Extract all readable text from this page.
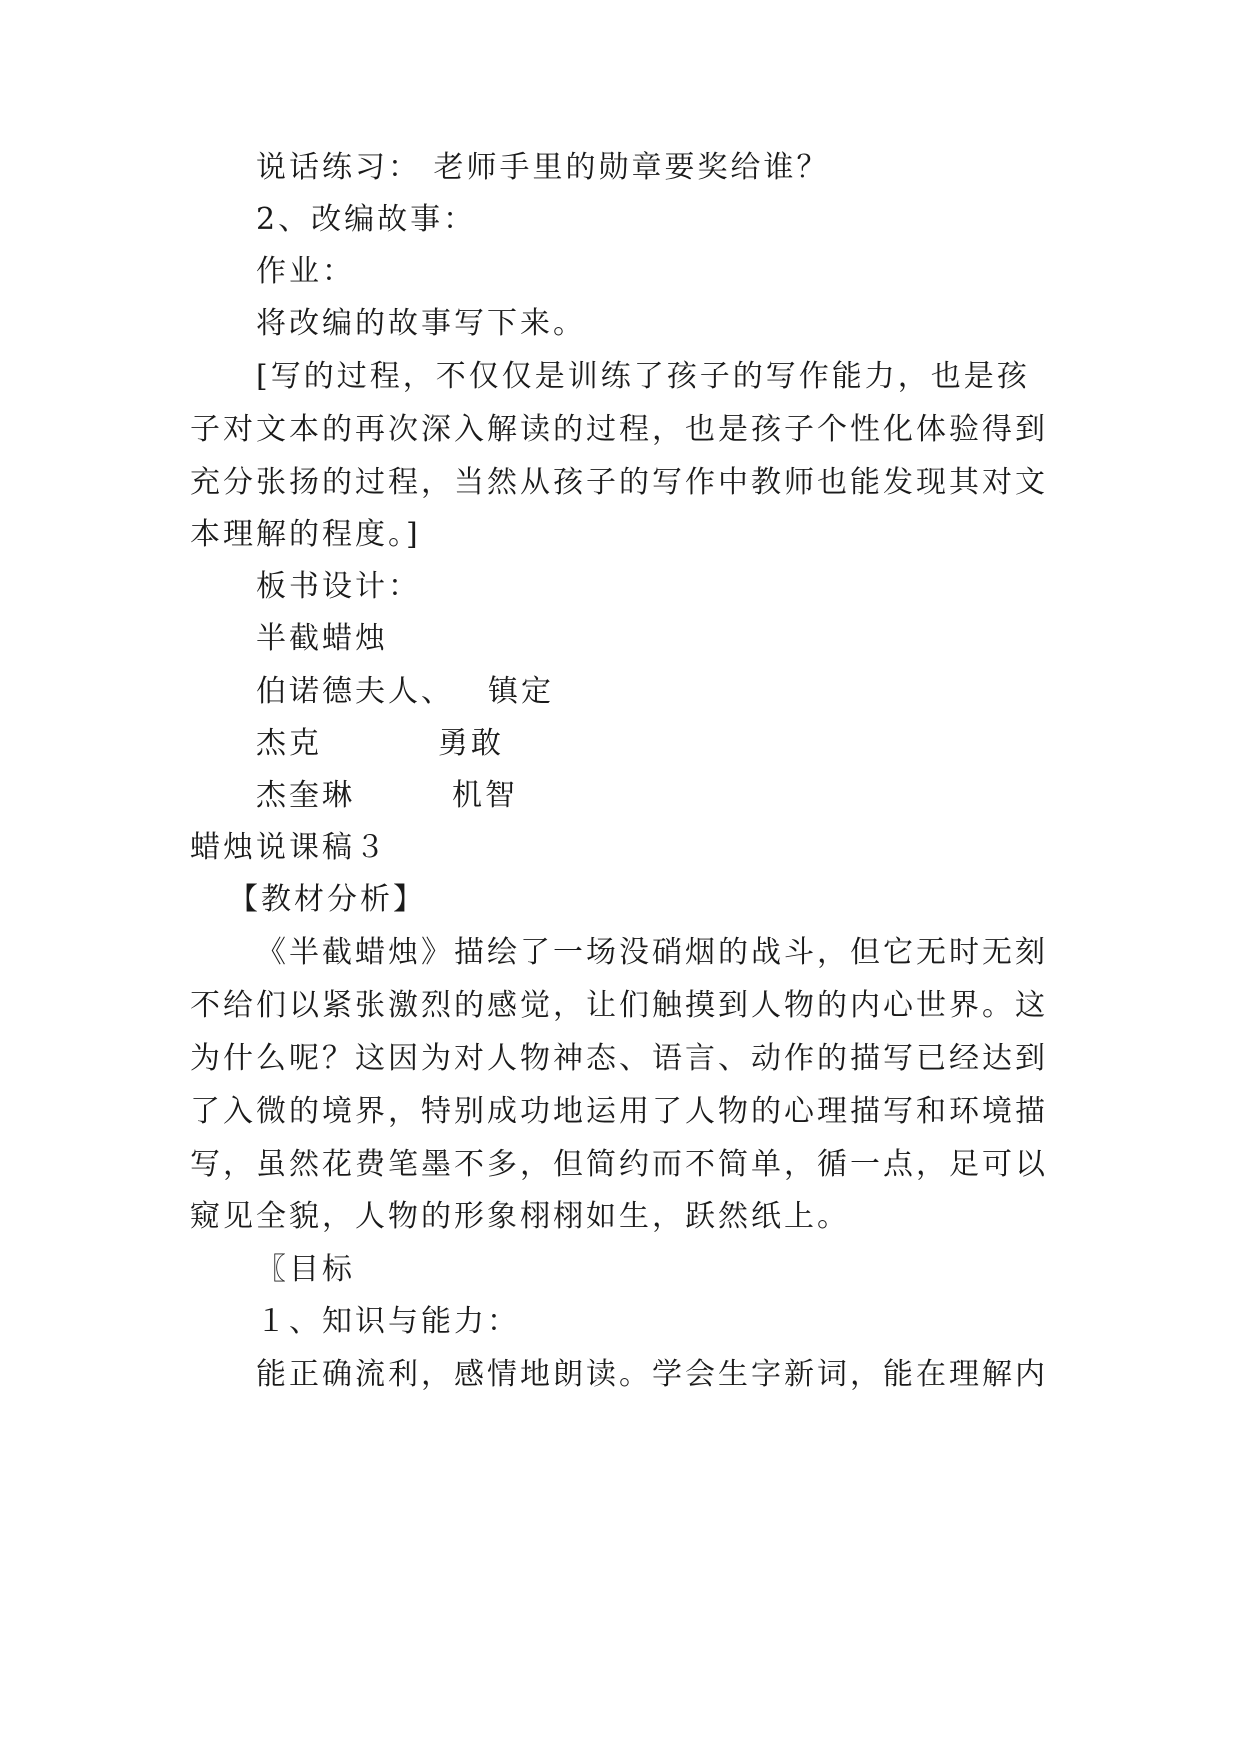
说话练习： 老师手里的勋章要奖给谁？
2、改编故事：
作业：
将改编的故事写下来。
[写的过程，不仅仅是训练了孩子的写作能力，也是孩
子对文本的再次深入解读的过程，也是孩子个性化体验得到
充分张扬的过程，当然从孩子的写作中教师也能发现其对文
本理解的程度。]
板书设计：
半截蜡烛
伯诺德夫人、 镇定
杰克	勇敢
杰奎琳	机智
蜡烛说课稿３
【教材分析】
《半截蜡烛》描绘了一场没硝烟的战斗，但它无时无刻
不给们以紧张激烈的感觉，让们触摸到人物的内心世界。这
为什么呢？这因为对人物神态、语言、动作的描写已经达到
了入微的境界，特别成功地运用了人物的心理描写和环境描
写，虽然花费笔墨不多，但简约而不简单，循一点，足可以
窥见全貌，人物的形象栩栩如生，跃然纸上。
〖目标
１、知识与能力：
能正确流利，感情地朗读。学会生字新词，能在理解内
